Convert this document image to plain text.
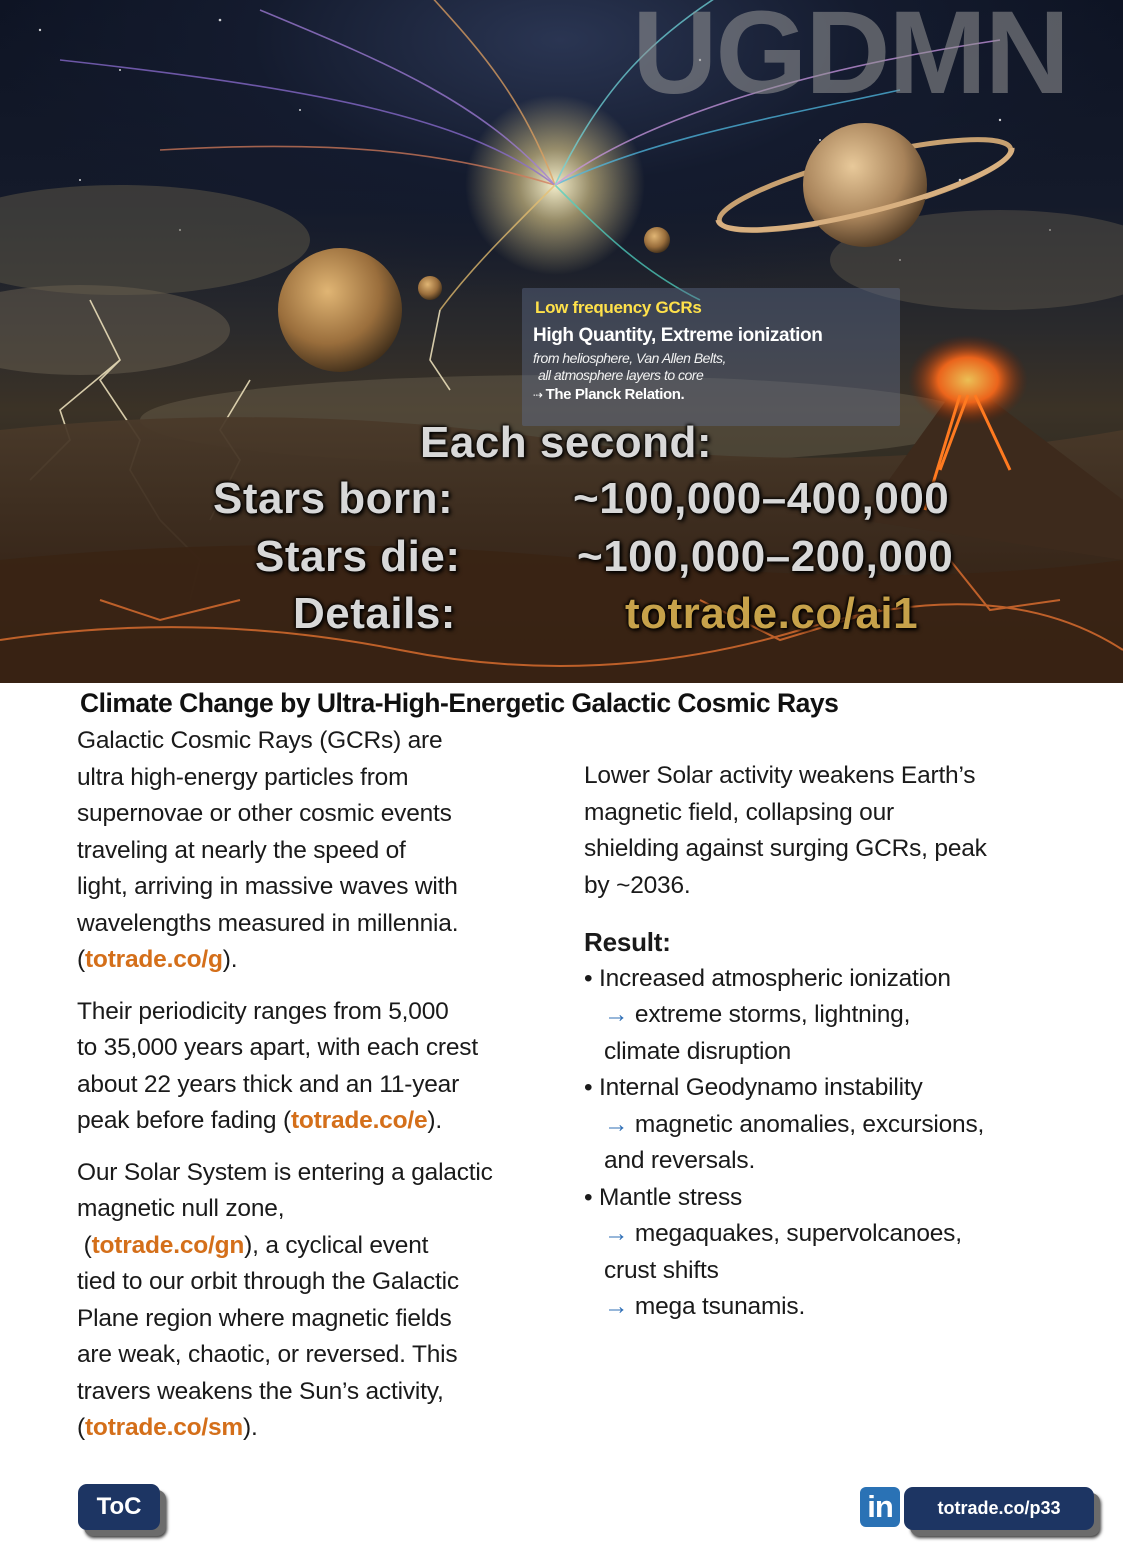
UGDMN
Low frequency GCRs
High Quantity, Extreme ionization
from heliosphere, Van Allen Belts,
all atmosphere layers to core
⇢ The Planck Relation.
Each second:
Stars born:	~100,000–400,000
Stars die:	~100,000–200,000
Details:	totrade.co/ai1
Climate Change by Ultra-High-Energetic Galactic Cosmic Rays

Galactic Cosmic Rays (GCRs) are
ultra high-energy particles from
supernovae or other cosmic events
traveling at nearly the speed of
light, arriving in massive waves with
wavelengths measured in millennia.
(totrade.co/g).

Their periodicity ranges from 5,000
to 35,000 years apart, with each crest
about 22 years thick and an 11-year
peak before fading (totrade.co/e).

Our Solar System is entering a galactic
magnetic null zone,
(totrade.co/gn), a cyclical event
tied to our orbit through the Galactic
Plane region where magnetic fields
are weak, chaotic, or reversed. This
travers weakens the Sun’s activity,
(totrade.co/sm).

Lower Solar activity weakens Earth’s
magnetic field, collapsing our
shielding against surging GCRs, peak
by ~2036.

Result:

• Increased atmospheric ionization

→ extreme storms, lightning,
climate disruption

• Internal Geodynamo instability

→ magnetic anomalies, excursions,
and reversals.

• Mantle stress

→ megaquakes, supervolcanoes,
crust shifts
→ mega tsunamis.

ToC	in	totrade.co/p33
